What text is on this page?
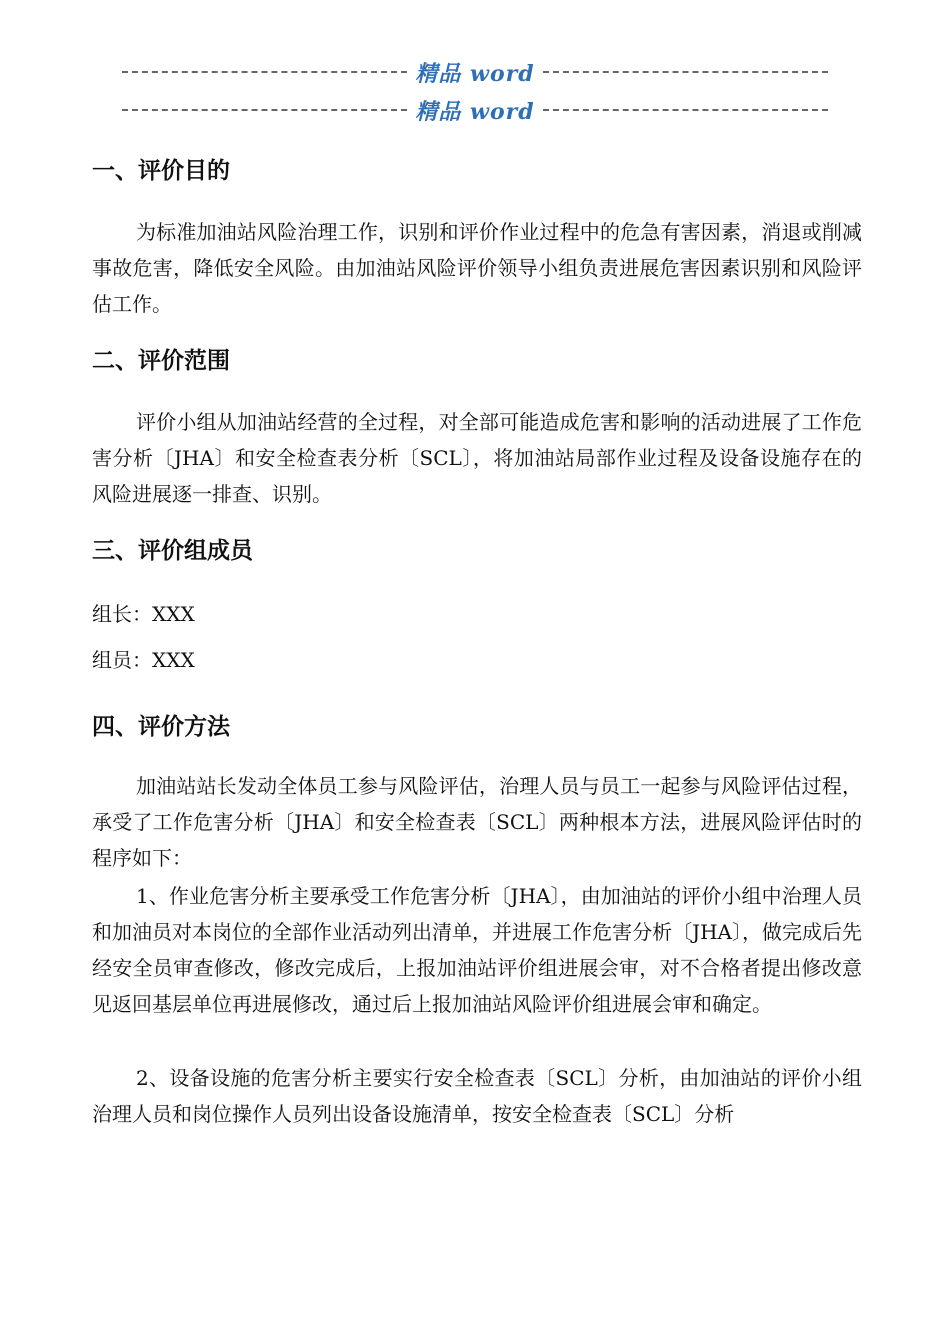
精品 word
精品 word
一、评价目的

为标准加油站风险治理工作，识别和评价作业过程中的危急有害因素，消退或削减事故危害，降低安全风险。由加油站风险评价领导小组负责进展危害因素识别和风险评估工作。

二、评价范围

评价小组从加油站经营的全过程，对全部可能造成危害和影响的活动进展了工作危害分析〔JHA〕和安全检查表分析〔SCL〕，将加油站局部作业过程及设备设施存在的风险进展逐一排查、识别。

三、评价组成员

组长：XXX

组员：XXX

四、评价方法

加油站站长发动全体员工参与风险评估，治理人员与员工一起参与风险评估过程，承受了工作危害分析〔JHA〕和安全检查表〔SCL〕两种根本方法，进展风险评估时的程序如下：

1、作业危害分析主要承受工作危害分析〔JHA〕，由加油站的评价小组中治理人员和加油员对本岗位的全部作业活动列出清单，并进展工作危害分析〔JHA〕，做完成后先经安全员审查修改，修改完成后，上报加油站评价组进展会审，对不合格者提出修改意见返回基层单位再进展修改，通过后上报加油站风险评价组进展会审和确定。

2、设备设施的危害分析主要实行安全检查表〔SCL〕分析，由加油站的评价小组治理人员和岗位操作人员列出设备设施清单，按安全检查表〔SCL〕分析
